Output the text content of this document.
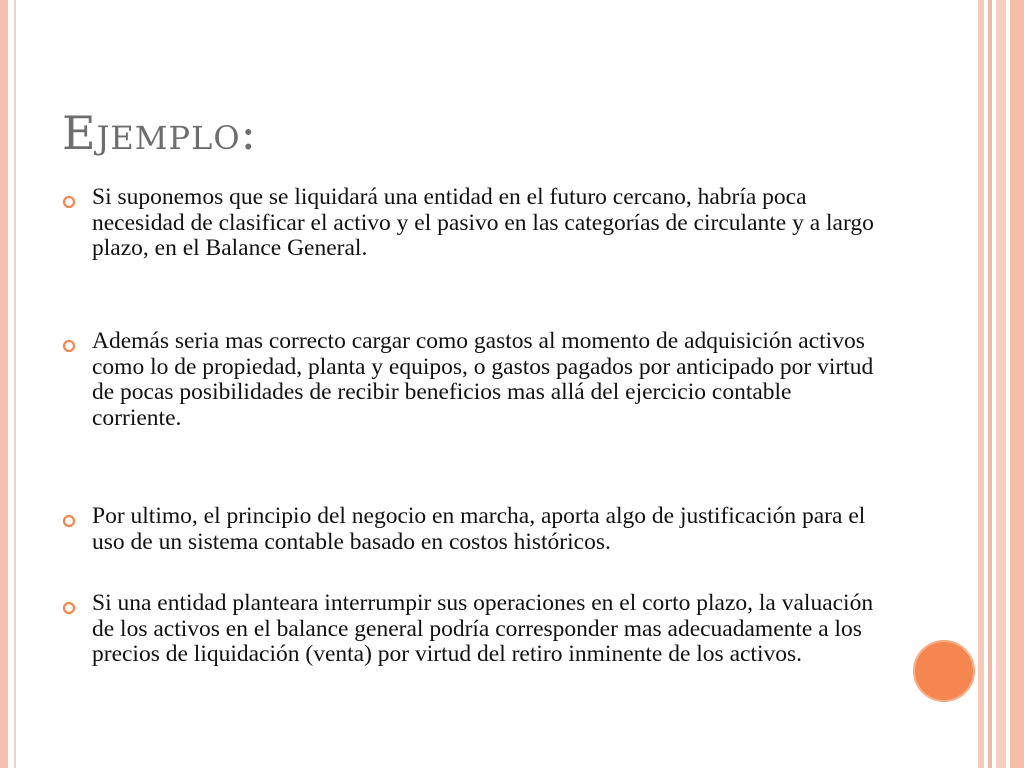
Ejemplo:
Si suponemos que se liquidará una entidad en el futuro cercano, habría poca necesidad de clasificar el activo y el pasivo en las categorías de circulante y a largo plazo, en el Balance General.
Además seria mas correcto cargar como gastos al momento de adquisición activos como lo de propiedad, planta y equipos, o gastos pagados por anticipado por virtud de pocas posibilidades de recibir beneficios mas allá del ejercicio contable corriente.
Por ultimo, el principio del negocio en marcha, aporta algo de justificación para el uso de un sistema contable basado en costos históricos.
Si una entidad planteara interrumpir sus operaciones en el corto plazo, la valuación de los activos en el balance general podría corresponder mas adecuadamente a los precios de liquidación (venta) por virtud del retiro inminente de los activos.
